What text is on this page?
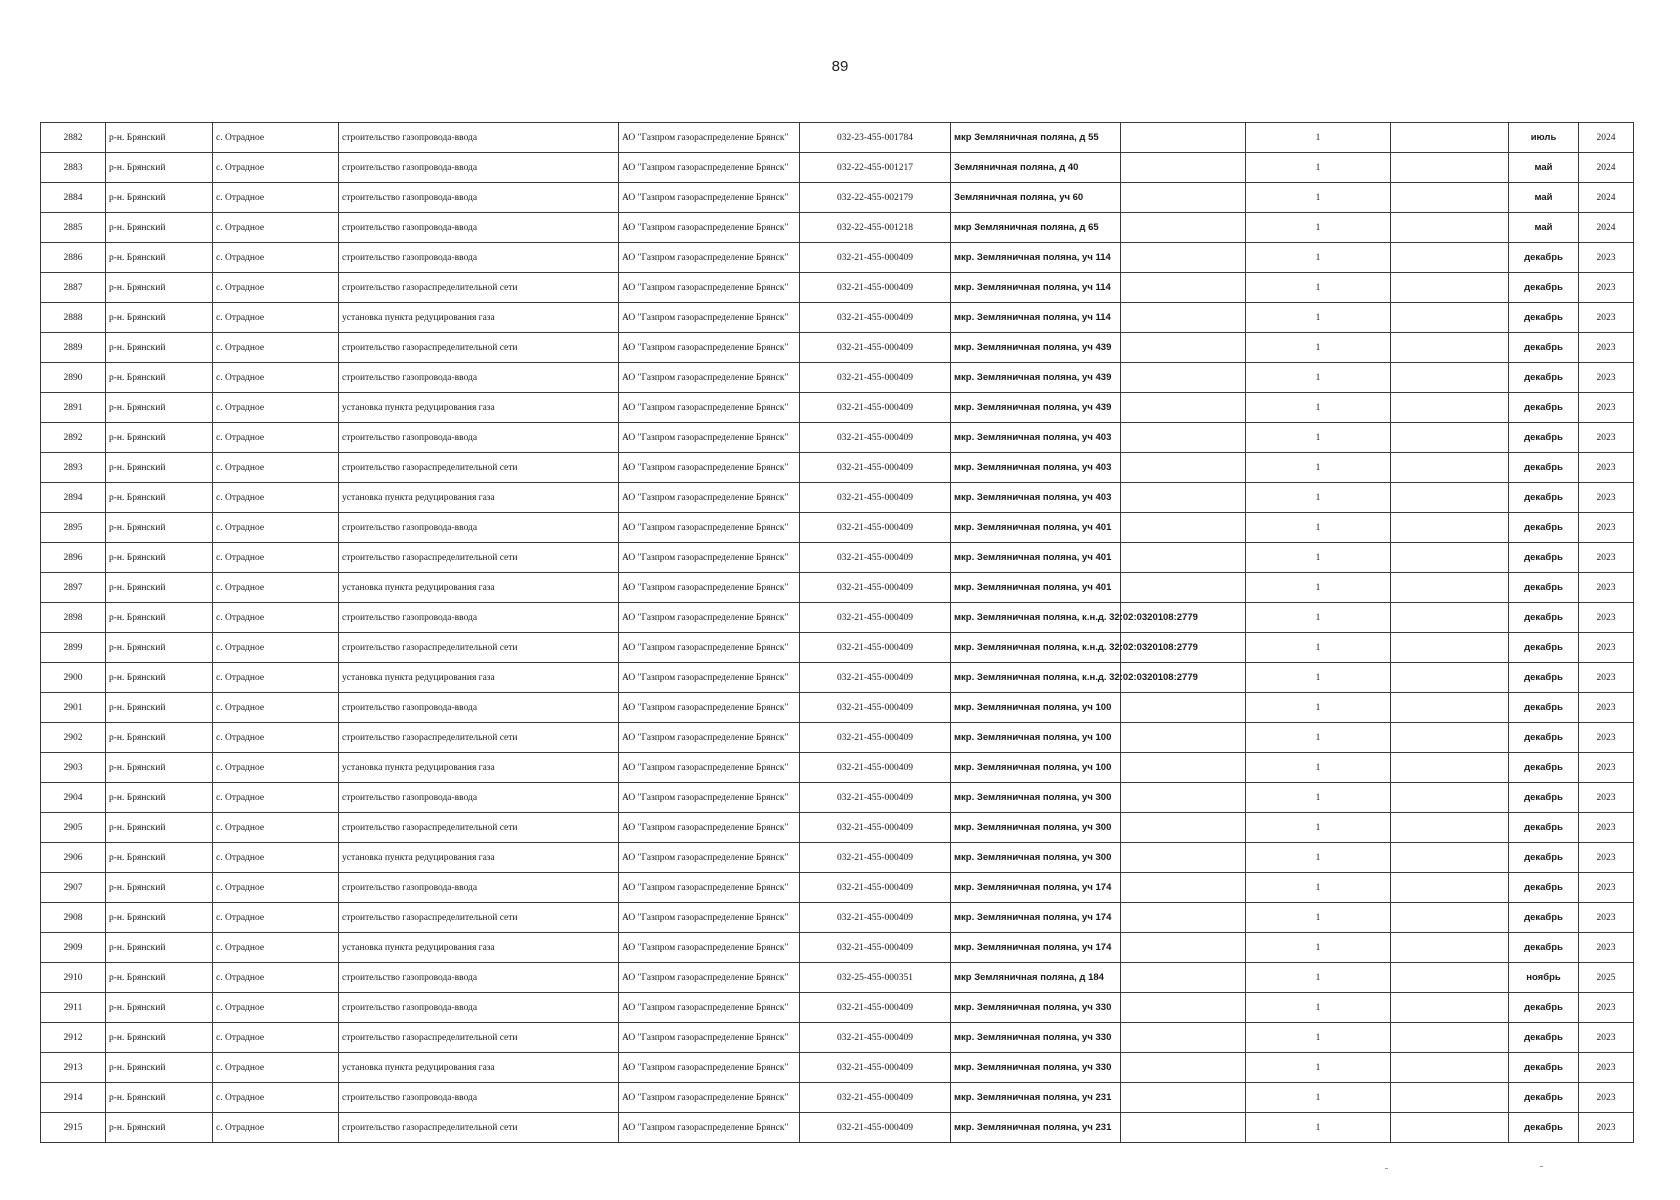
89
2882	р-н. Брянский	с. Отрадное	строительство газопровода-ввода	АО "Газпром газораспределение Брянск"	032-23-455-001784	мкр Земляничная поляна, д 55		1		июль	2024
2883	р-н. Брянский	с. Отрадное	строительство газопровода-ввода	АО "Газпром газораспределение Брянск"	032-22-455-001217	Земляничная поляна, д 40		1		май	2024
2884	р-н. Брянский	с. Отрадное	строительство газопровода-ввода	АО "Газпром газораспределение Брянск"	032-22-455-002179	Земляничная поляна, уч 60		1		май	2024
2885	р-н. Брянский	с. Отрадное	строительство газопровода-ввода	АО "Газпром газораспределение Брянск"	032-22-455-001218	мкр Земляничная поляна, д 65		1		май	2024
2886	р-н. Брянский	с. Отрадное	строительство газопровода-ввода	АО "Газпром газораспределение Брянск"	032-21-455-000409	мкр. Земляничная поляна, уч 114		1		декабрь	2023
2887	р-н. Брянский	с. Отрадное	строительство газораспределительной сети	АО "Газпром газораспределение Брянск"	032-21-455-000409	мкр. Земляничная поляна, уч 114		1		декабрь	2023
2888	р-н. Брянский	с. Отрадное	установка пункта редуцирования газа	АО "Газпром газораспределение Брянск"	032-21-455-000409	мкр. Земляничная поляна, уч 114		1		декабрь	2023
2889	р-н. Брянский	с. Отрадное	строительство газораспределительной сети	АО "Газпром газораспределение Брянск"	032-21-455-000409	мкр. Земляничная поляна, уч 439		1		декабрь	2023
2890	р-н. Брянский	с. Отрадное	строительство газопровода-ввода	АО "Газпром газораспределение Брянск"	032-21-455-000409	мкр. Земляничная поляна, уч 439		1		декабрь	2023
2891	р-н. Брянский	с. Отрадное	установка пункта редуцирования газа	АО "Газпром газораспределение Брянск"	032-21-455-000409	мкр. Земляничная поляна, уч 439		1		декабрь	2023
2892	р-н. Брянский	с. Отрадное	строительство газопровода-ввода	АО "Газпром газораспределение Брянск"	032-21-455-000409	мкр. Земляничная поляна, уч 403		1		декабрь	2023
2893	р-н. Брянский	с. Отрадное	строительство газораспределительной сети	АО "Газпром газораспределение Брянск"	032-21-455-000409	мкр. Земляничная поляна, уч 403		1		декабрь	2023
2894	р-н. Брянский	с. Отрадное	установка пункта редуцирования газа	АО "Газпром газораспределение Брянск"	032-21-455-000409	мкр. Земляничная поляна, уч 403		1		декабрь	2023
2895	р-н. Брянский	с. Отрадное	строительство газопровода-ввода	АО "Газпром газораспределение Брянск"	032-21-455-000409	мкр. Земляничная поляна, уч 401		1		декабрь	2023
2896	р-н. Брянский	с. Отрадное	строительство газораспределительной сети	АО "Газпром газораспределение Брянск"	032-21-455-000409	мкр. Земляничная поляна, уч 401		1		декабрь	2023
2897	р-н. Брянский	с. Отрадное	установка пункта редуцирования газа	АО "Газпром газораспределение Брянск"	032-21-455-000409	мкр. Земляничная поляна, уч 401		1		декабрь	2023
2898	р-н. Брянский	с. Отрадное	строительство газопровода-ввода	АО "Газпром газораспределение Брянск"	032-21-455-000409	мкр. Земляничная поляна, к.н.д. 32:02:0320108:2779		1		декабрь	2023
2899	р-н. Брянский	с. Отрадное	строительство газораспределительной сети	АО "Газпром газораспределение Брянск"	032-21-455-000409	мкр. Земляничная поляна, к.н.д. 32:02:0320108:2779		1		декабрь	2023
2900	р-н. Брянский	с. Отрадное	установка пункта редуцирования газа	АО "Газпром газораспределение Брянск"	032-21-455-000409	мкр. Земляничная поляна, к.н.д. 32:02:0320108:2779		1		декабрь	2023
2901	р-н. Брянский	с. Отрадное	строительство газопровода-ввода	АО "Газпром газораспределение Брянск"	032-21-455-000409	мкр. Земляничная поляна, уч 100		1		декабрь	2023
2902	р-н. Брянский	с. Отрадное	строительство газораспределительной сети	АО "Газпром газораспределение Брянск"	032-21-455-000409	мкр. Земляничная поляна, уч 100		1		декабрь	2023
2903	р-н. Брянский	с. Отрадное	установка пункта редуцирования газа	АО "Газпром газораспределение Брянск"	032-21-455-000409	мкр. Земляничная поляна, уч 100		1		декабрь	2023
2904	р-н. Брянский	с. Отрадное	строительство газопровода-ввода	АО "Газпром газораспределение Брянск"	032-21-455-000409	мкр. Земляничная поляна, уч 300		1		декабрь	2023
2905	р-н. Брянский	с. Отрадное	строительство газораспределительной сети	АО "Газпром газораспределение Брянск"	032-21-455-000409	мкр. Земляничная поляна, уч 300		1		декабрь	2023
2906	р-н. Брянский	с. Отрадное	установка пункта редуцирования газа	АО "Газпром газораспределение Брянск"	032-21-455-000409	мкр. Земляничная поляна, уч 300		1		декабрь	2023
2907	р-н. Брянский	с. Отрадное	строительство газопровода-ввода	АО "Газпром газораспределение Брянск"	032-21-455-000409	мкр. Земляничная поляна, уч 174		1		декабрь	2023
2908	р-н. Брянский	с. Отрадное	строительство газораспределительной сети	АО "Газпром газораспределение Брянск"	032-21-455-000409	мкр. Земляничная поляна, уч 174		1		декабрь	2023
2909	р-н. Брянский	с. Отрадное	установка пункта редуцирования газа	АО "Газпром газораспределение Брянск"	032-21-455-000409	мкр. Земляничная поляна, уч 174		1		декабрь	2023
2910	р-н. Брянский	с. Отрадное	строительство газопровода-ввода	АО "Газпром газораспределение Брянск"	032-25-455-000351	мкр Земляничная поляна, д 184		1		ноябрь	2025
2911	р-н. Брянский	с. Отрадное	строительство газопровода-ввода	АО "Газпром газораспределение Брянск"	032-21-455-000409	мкр. Земляничная поляна, уч 330		1		декабрь	2023
2912	р-н. Брянский	с. Отрадное	строительство газораспределительной сети	АО "Газпром газораспределение Брянск"	032-21-455-000409	мкр. Земляничная поляна, уч 330		1		декабрь	2023
2913	р-н. Брянский	с. Отрадное	установка пункта редуцирования газа	АО "Газпром газораспределение Брянск"	032-21-455-000409	мкр. Земляничная поляна, уч 330		1		декабрь	2023
2914	р-н. Брянский	с. Отрадное	строительство газопровода-ввода	АО "Газпром газораспределение Брянск"	032-21-455-000409	мкр. Земляничная поляна, уч 231		1		декабрь	2023
2915	р-н. Брянский	с. Отрадное	строительство газораспределительной сети	АО "Газпром газораспределение Брянск"	032-21-455-000409	мкр. Земляничная поляна, уч 231		1		декабрь	2023
